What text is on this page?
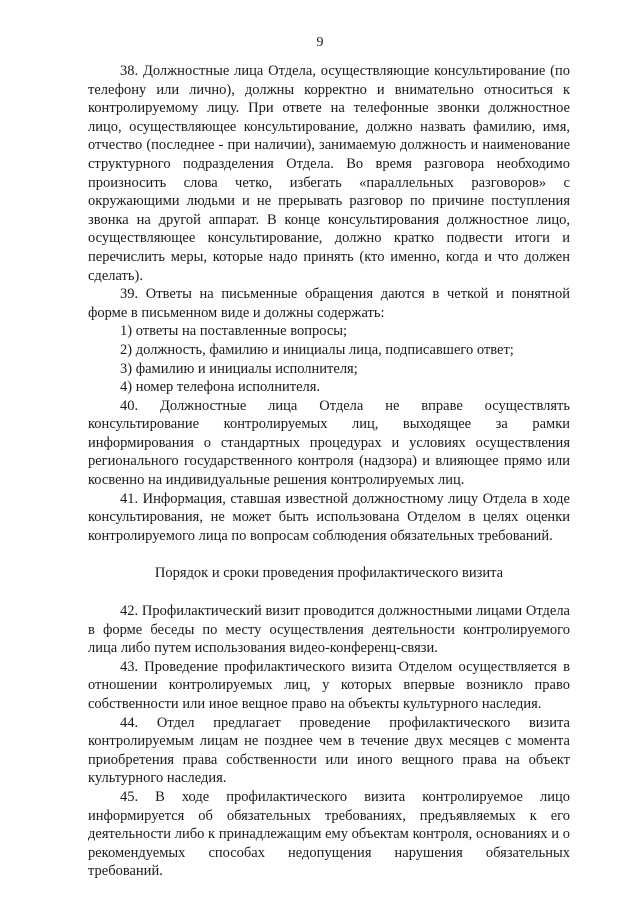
9

38. Должностные лица Отдела, осуществляющие консультирование (по телефону или лично), должны корректно и внимательно относиться к контролируемому лицу. При ответе на телефонные звонки должностное лицо, осуществляющее консультирование, должно назвать фамилию, имя, отчество (последнее - при наличии), занимаемую должность и наименование структурного подразделения Отдела. Во время разговора необходимо произносить слова четко, избегать «параллельных разговоров» с окружающими людьми и не прерывать разговор по причине поступления звонка на другой аппарат. В конце консультирования должностное лицо, осуществляющее консультирование, должно кратко подвести итоги и перечислить меры, которые надо принять (кто именно, когда и что должен сделать).

39. Ответы на письменные обращения даются в четкой и понятной форме в письменном виде и должны содержать:

1) ответы на поставленные вопросы;

2) должность, фамилию и инициалы лица, подписавшего ответ;

3) фамилию и инициалы исполнителя;

4) номер телефона исполнителя.

40. Должностные лица Отдела не вправе осуществлять консультирование контролируемых лиц, выходящее за рамки информирования о стандартных процедурах и условиях осуществления регионального государственного контроля (надзора) и влияющее прямо или косвенно на индивидуальные решения контролируемых лиц.

41. Информация, ставшая известной должностному лицу Отдела в ходе консультирования, не может быть использована Отделом в целях оценки контролируемого лица по вопросам соблюдения обязательных требований.

Порядок и сроки проведения профилактического визита

42. Профилактический визит проводится должностными лицами Отдела в форме беседы по месту осуществления деятельности контролируемого лица либо путем использования видео-конференц-связи.

43. Проведение профилактического визита Отделом осуществляется в отношении контролируемых лиц, у которых впервые возникло право собственности или иное вещное право на объекты культурного наследия.

44. Отдел предлагает проведение профилактического визита контролируемым лицам не позднее чем в течение двух месяцев с момента приобретения права собственности или иного вещного права на объект культурного наследия.

45. В ходе профилактического визита контролируемое лицо информируется об обязательных требованиях, предъявляемых к его деятельности либо к принадлежащим ему объектам контроля, основаниях и о рекомендуемых способах недопущения нарушения обязательных требований.
